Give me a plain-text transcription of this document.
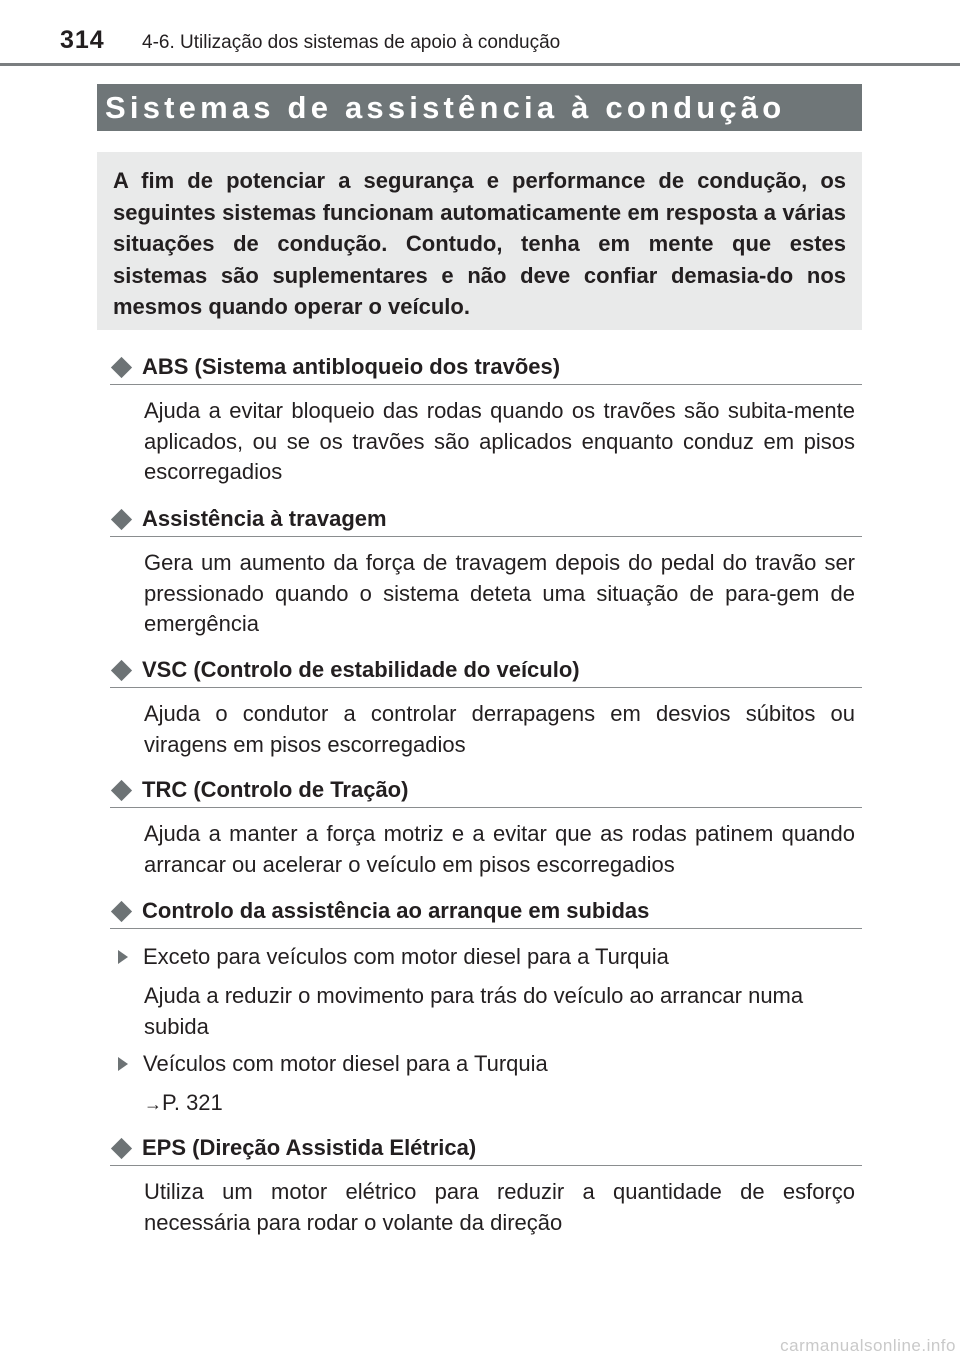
314 4-6. Utilização dos sistemas de apoio à condução
Sistemas de assistência à condução
A fim de potenciar a segurança e performance de condução, os seguintes sistemas funcionam automaticamente em resposta a várias situações de condução. Contudo, tenha em mente que estes sistemas são suplementares e não deve confiar demasia-do nos mesmos quando operar o veículo.
ABS (Sistema antibloqueio dos travões)
Ajuda a evitar bloqueio das rodas quando os travões são subita-mente aplicados, ou se os travões são aplicados enquanto conduz em pisos escorregadios
Assistência à travagem
Gera um aumento da força de travagem depois do pedal do travão ser pressionado quando o sistema deteta uma situação de para-gem de emergência
VSC (Controlo de estabilidade do veículo)
Ajuda o condutor a controlar derrapagens em desvios súbitos ou viragens em pisos escorregadios
TRC (Controlo de Tração)
Ajuda a manter a força motriz e a evitar que as rodas patinem quando arrancar ou acelerar o veículo em pisos escorregadios
Controlo da assistência ao arranque em subidas
Exceto para veículos com motor diesel para a Turquia
Ajuda a reduzir o movimento para trás do veículo ao arrancar numa subida
Veículos com motor diesel para a Turquia
→P. 321
EPS (Direção Assistida Elétrica)
Utiliza um motor elétrico para reduzir a quantidade de esforço necessária para rodar o volante da direção
carmanualsonline.info
